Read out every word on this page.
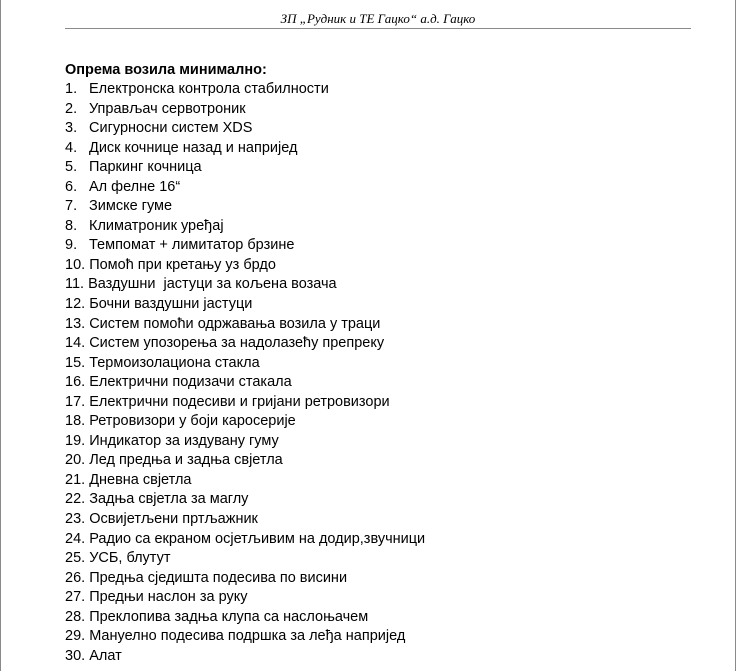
ЗП „Рудник и ТЕ Гацко“ а.д. Гацко
Опрема возила минимално:
1. Електронска контрола стабилности
2. Управљач сервотроник
3. Сигурносни систем XDS
4. Диск кочнице назад и напријед
5. Паркинг кочница
6. Ал фелне 16“
7. Зимске гуме
8. Климатроник уређај
9. Темпомат + лимитатор брзине
10. Помоћ при кретању уз брдо
11. Ваздушни  јастуци за кољена возача
12. Бочни ваздушни јастуци
13. Систем помоћи одржавања возила у траци
14. Систем упозорења за надолазећу препреку
15. Термоизолациона стакла
16. Електрични подизачи стакала
17. Електрични подесиви и гријани ретровизори
18. Ретровизори у боји каросерије
19. Индикатор за издувану гуму
20. Лед предња и задња свјетла
21. Дневна свјетла
22. Задња свјетла за маглу
23. Освијетљени пртљажник
24. Радио са екраном осјетљивим на додир,звучници
25. УСБ, блутут
26. Предња сједишта подесива по висини
27. Предњи наслон за руку
28. Преклопива задња клупа са наслоњачем
29. Мануелно подесива подршка за леђа напријед
30. Алат
